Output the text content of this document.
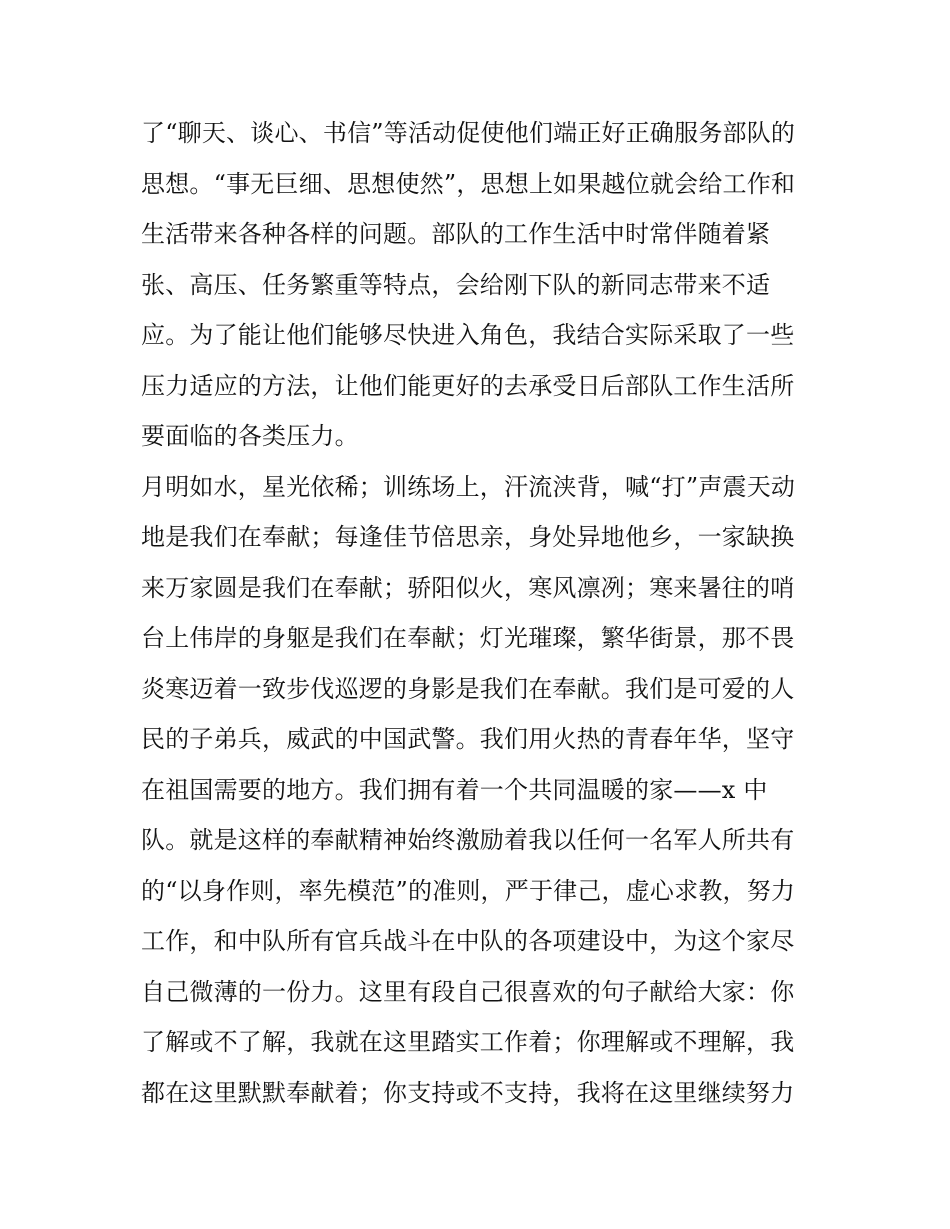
了“聊天、谈心、书信”等活动促使他们端正好正确服务部队的
思想。“事无巨细、思想使然”，思想上如果越位就会给工作和
生活带来各种各样的问题。部队的工作生活中时常伴随着紧
张、高压、任务繁重等特点，会给刚下队的新同志带来不适
应。为了能让他们能够尽快进入角色，我结合实际采取了一些
压力适应的方法，让他们能更好的去承受日后部队工作生活所
要面临的各类压力。
月明如水，星光依稀；训练场上，汗流浃背，喊“打”声震天动
地是我们在奉献；每逢佳节倍思亲，身处异地他乡，一家缺换
来万家圆是我们在奉献；骄阳似火，寒风凛冽；寒来暑往的哨
台上伟岸的身躯是我们在奉献；灯光璀璨，繁华街景，那不畏
炎寒迈着一致步伐巡逻的身影是我们在奉献。我们是可爱的人
民的子弟兵，威武的中国武警。我们用火热的青春年华，坚守
在祖国需要的地方。我们拥有着一个共同温暖的家——x 中
队。就是这样的奉献精神始终激励着我以任何一名军人所共有
的“以身作则，率先模范”的准则，严于律己，虚心求教，努力
工作，和中队所有官兵战斗在中队的各项建设中，为这个家尽
自己微薄的一份力。这里有段自己很喜欢的句子献给大家：你
了解或不了解，我就在这里踏实工作着；你理解或不理解，我
都在这里默默奉献着；你支持或不支持，我将在这里继续努力
